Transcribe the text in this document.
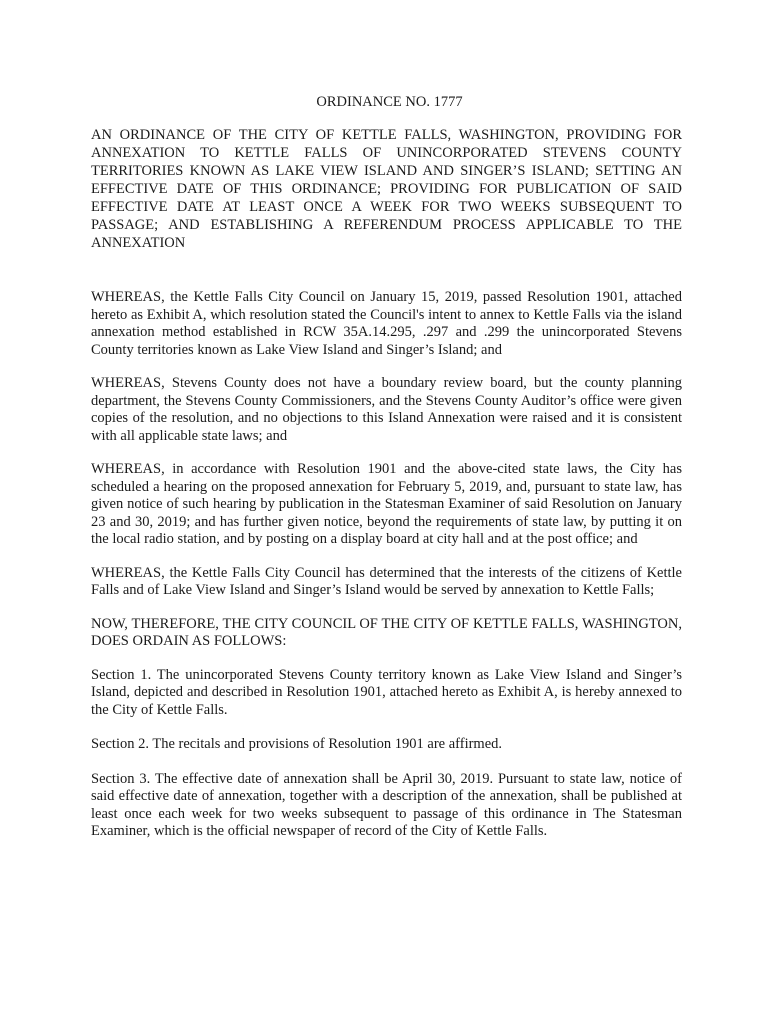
ORDINANCE NO. 1777
AN ORDINANCE OF THE CITY OF KETTLE FALLS, WASHINGTON, PROVIDING FOR ANNEXATION TO KETTLE FALLS OF UNINCORPORATED STEVENS COUNTY TERRITORIES KNOWN AS LAKE VIEW ISLAND AND SINGER’S ISLAND; SETTING AN EFFECTIVE DATE OF THIS ORDINANCE; PROVIDING FOR PUBLICATION OF SAID EFFECTIVE DATE AT LEAST ONCE A WEEK FOR TWO WEEKS SUBSEQUENT TO PASSAGE; AND ESTABLISHING A REFERENDUM PROCESS APPLICABLE TO THE ANNEXATION
WHEREAS, the Kettle Falls City Council on January 15, 2019, passed Resolution 1901, attached hereto as Exhibit A, which resolution stated the Council's intent to annex to Kettle Falls via the island annexation method established in RCW 35A.14.295, .297 and .299 the unincorporated Stevens County territories known as Lake View Island and Singer’s Island; and
WHEREAS, Stevens County does not have a boundary review board, but the county planning department, the Stevens County Commissioners, and the Stevens County Auditor’s office were given copies of the resolution, and no objections to this Island Annexation were raised and it is consistent with all applicable state laws; and
WHEREAS, in accordance with Resolution 1901 and the above-cited state laws, the City has scheduled a hearing on the proposed annexation for February 5, 2019, and, pursuant to state law, has given notice of such hearing by publication in the Statesman Examiner of said Resolution on January 23 and 30, 2019; and has further given notice, beyond the requirements of state law, by putting it on the local radio station, and by posting on a display board at city hall and at the post office; and
WHEREAS, the Kettle Falls City Council has determined that the interests of the citizens of Kettle Falls and of Lake View Island and Singer’s Island would be served by annexation to Kettle Falls;
NOW, THEREFORE, THE CITY COUNCIL OF THE CITY OF KETTLE FALLS, WASHINGTON, DOES ORDAIN AS FOLLOWS:
Section 1. The unincorporated Stevens County territory known as Lake View Island and Singer’s Island, depicted and described in Resolution 1901, attached hereto as Exhibit A, is hereby annexed to the City of Kettle Falls.
Section 2. The recitals and provisions of Resolution 1901 are affirmed.
Section 3. The effective date of annexation shall be April 30, 2019. Pursuant to state law, notice of said effective date of annexation, together with a description of the annexation, shall be published at least once each week for two weeks subsequent to passage of this ordinance in The Statesman Examiner, which is the official newspaper of record of the City of Kettle Falls.
